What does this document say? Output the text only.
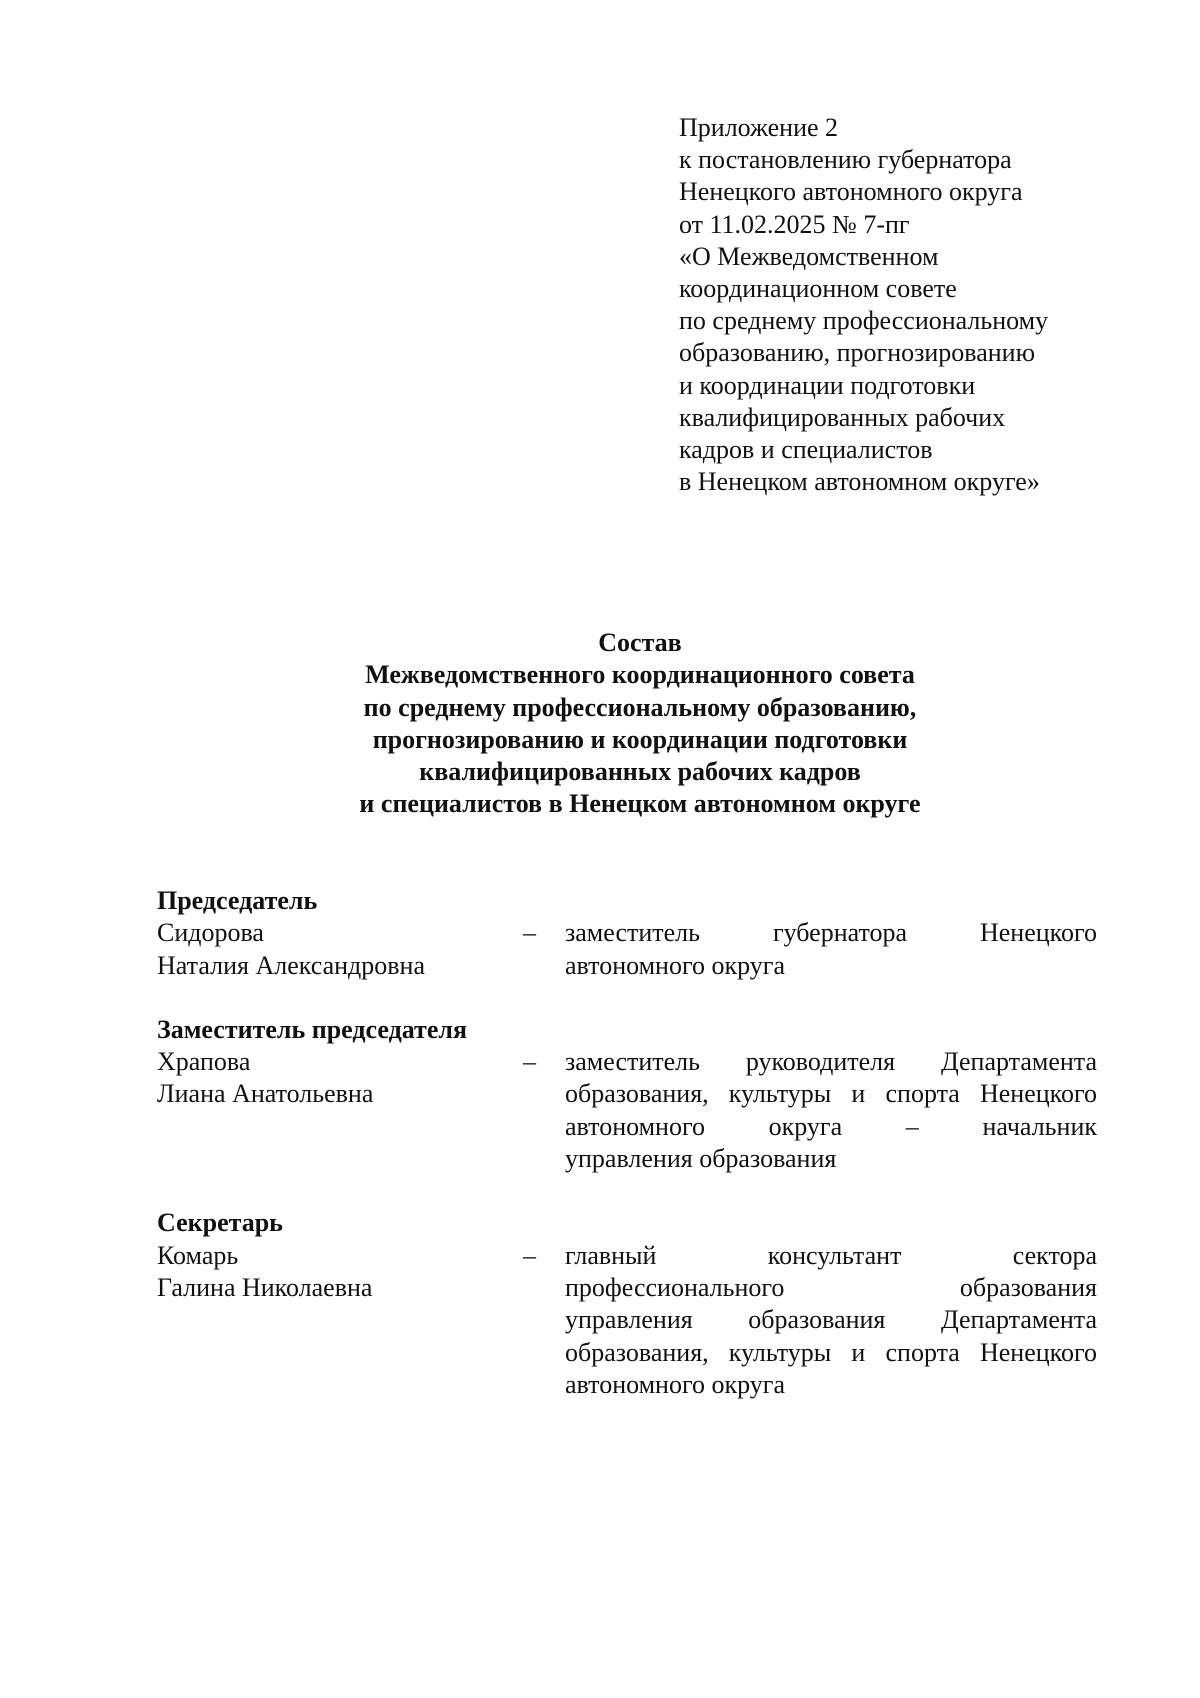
Приложение 2
к постановлению губернатора
Ненецкого автономного округа
от 11.02.2025 № 7-пг
«О Межведомственном
координационном совете
по среднему профессиональному
образованию, прогнозированию
и координации подготовки
квалифицированных рабочих
кадров и специалистов
в Ненецком автономном округе»
Состав
Межведомственного координационного совета
по среднему профессиональному образованию,
прогнозированию и координации подготовки
квалифицированных рабочих кадров
и специалистов в Ненецком автономном округе
Председатель
Сидорова
Наталия Александровна
–	заместитель губернатора Ненецкого
автономного округа
Заместитель председателя
Храпова
Лиана Анатольевна
–	заместитель руководителя Департамента
образования, культуры и спорта Ненецкого
автономного округа – начальник
управления образования
Секретарь
Комарь
Галина Николаевна
–	главный консультант сектора
профессионального образования
управления образования Департамента
образования, культуры и спорта Ненецкого
автономного округа
